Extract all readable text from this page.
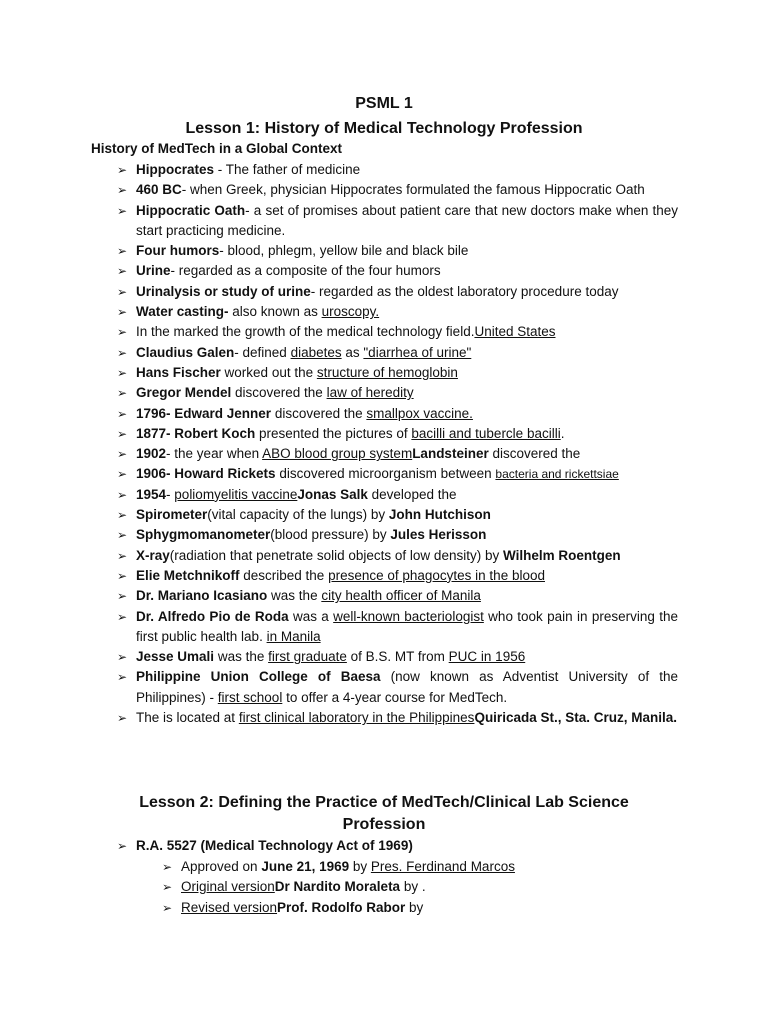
PSML 1
Lesson 1: History of Medical Technology Profession
History of MedTech in a Global Context
➢ Hippocrates - The father of medicine
➢ 460 BC- when Greek, physician Hippocrates formulated the famous Hippocratic Oath
➢ Hippocratic Oath- a set of promises about patient care that new doctors make when they start practicing medicine.
➢ Four humors- blood, phlegm, yellow bile and black bile
➢ Urine- regarded as a composite of the four humors
➢ Urinalysis or study of urine- regarded as the oldest laboratory procedure today
➢ Water casting- also known as uroscopy.
➢ In the marked the growth of the medical technology field.United States
➢ Claudius Galen- defined diabetes as "diarrhea of urine"
➢ Hans Fischer worked out the structure of hemoglobin
➢ Gregor Mendel discovered the law of heredity
➢ 1796- Edward Jenner discovered the smallpox vaccine.
➢ 1877- Robert Koch presented the pictures of bacilli and tubercle bacilli.
➢ 1902- the year when ABO blood group systemLandsteiner discovered the
➢ 1906- Howard Rickets discovered microorganism between bacteria and rickettsiae
➢ 1954- poliomyelitis vaccineJonas Salk developed the
➢ Spirometer(vital capacity of the lungs) by John Hutchison
➢ Sphygmomanometer(blood pressure) by Jules Herisson
➢ X-ray(radiation that penetrate solid objects of low density) by Wilhelm Roentgen
➢ Elie Metchnikoff described the presence of phagocytes in the blood
➢ Dr. Mariano Icasiano was the city health officer of Manila
➢ Dr. Alfredo Pio de Roda was a well-known bacteriologist who took pain in preserving the first public health lab. in Manila
➢ Jesse Umali was the first graduate of B.S. MT from PUC in 1956
➢ Philippine Union College of Baesa (now known as Adventist University of the Philippines) - first school to offer a 4-year course for MedTech.
➢ The is located at first clinical laboratory in the PhilippinesQuiricada St., Sta. Cruz, Manila.
Lesson 2: Defining the Practice of MedTech/Clinical Lab Science Profession
➢ R.A. 5527 (Medical Technology Act of 1969)
➢ Approved on June 21, 1969 by Pres. Ferdinand Marcos
➢ Original versionDr Nardito Moraleta by .
➢ Revised versionProf. Rodolfo Rabor by
